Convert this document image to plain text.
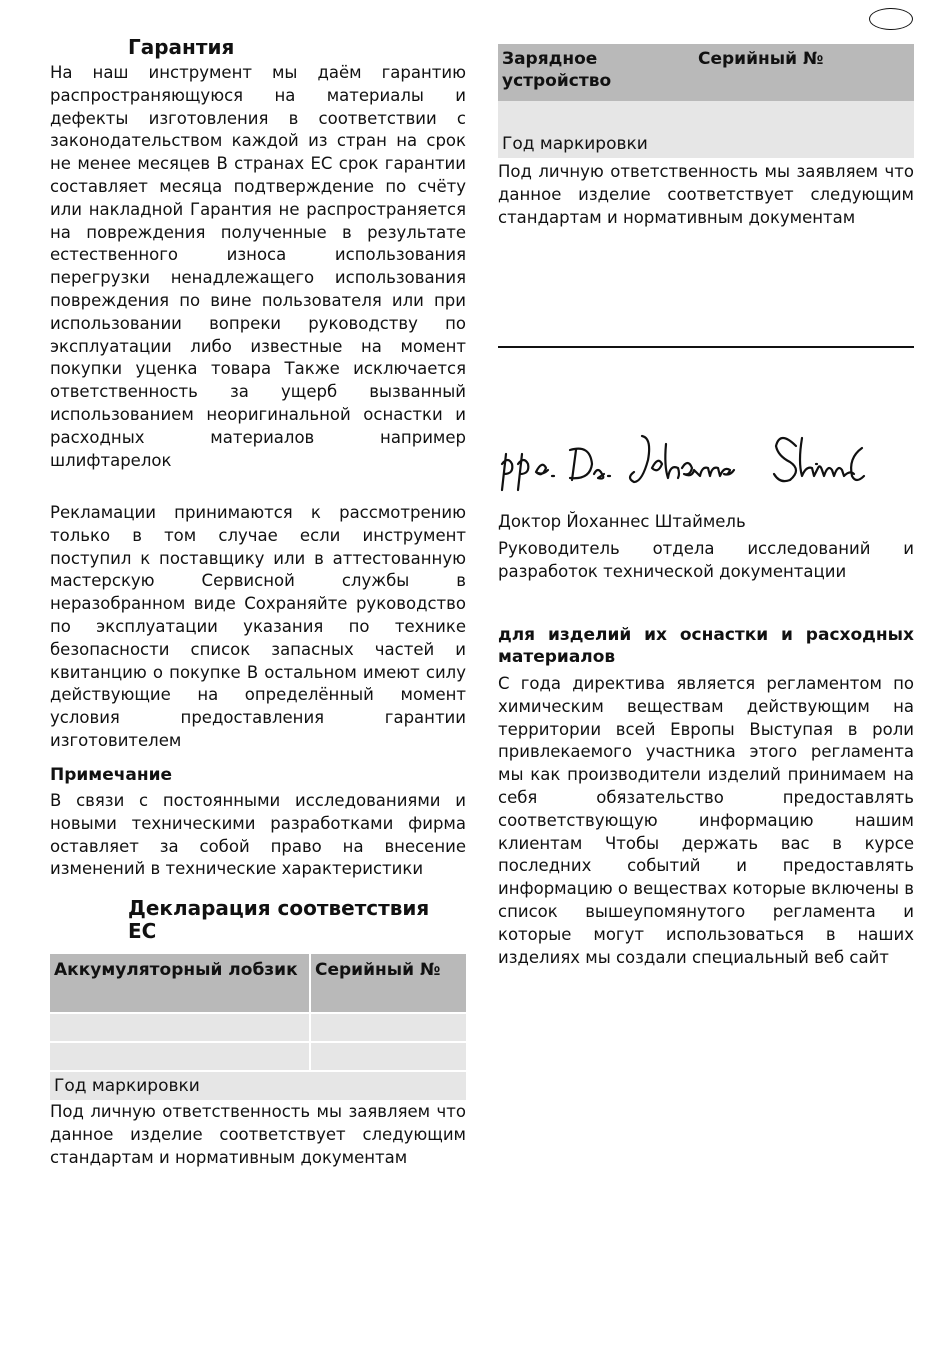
Гарантия

На наш инструмент мы даём гарантию распространяющуюся на материалы и дефекты изготовления в соответствии с законодательством каждой из стран на срок не менее месяцев В странах ЕС срок гарантии составляет месяца подтверждение по счёту или накладной Гарантия не распространяется на повреждения полученные в результате естественного износа использования перегрузки ненадлежащего использования повреждения по вине пользователя или при использовании вопреки руководству по эксплуатации либо известные на момент покупки уценка товара Также исключается ответственность за ущерб вызванный использованием неоригинальной оснастки и расходных материалов например шлифтарелок

Рекламации принимаются к рассмотрению только в том случае если инструмент поступил к поставщику или в аттестованную мастерскую Сервисной службы в неразобранном виде Сохраняйте руководство по эксплуатации указания по технике безопасности список запасных частей и квитанцию о покупке В остальном имеют силу действующие на определённый момент условия предоставления гарантии изготовителем

Примечание

В связи с постоянными исследованиями и новыми техническими разработками фирма оставляет за собой право на внесение изменений в технические характеристики

Декларация соответствия ЕС
Аккумуляторный лобзик	Серийный №
Год маркировки

Под личную ответственность мы заявляем что данное изделие соответствует следующим стандартам и нормативным документам

Зарядное устройство
Серийный №
Год маркировки

Под личную ответственность мы заявляем что данное изделие соответствует следующим стандартам и нормативным документам

Доктор Йоханнес Штаймель

Руководитель отдела исследований и разработок технической документации

для изделий их оснастки и расходных материалов

С года директива является регламентом по химическим веществам действующим на территории всей Европы Выступая в роли привлекаемого участника этого регламента мы как производители изделий принимаем на себя обязательство предоставлять соответствующую информацию нашим клиентам Чтобы держать вас в курсе последних событий и предоставлять информацию о веществах которые включены в список вышеупомянутого регламента и которые могут использоваться в наших изделиях мы создали специальный веб сайт
